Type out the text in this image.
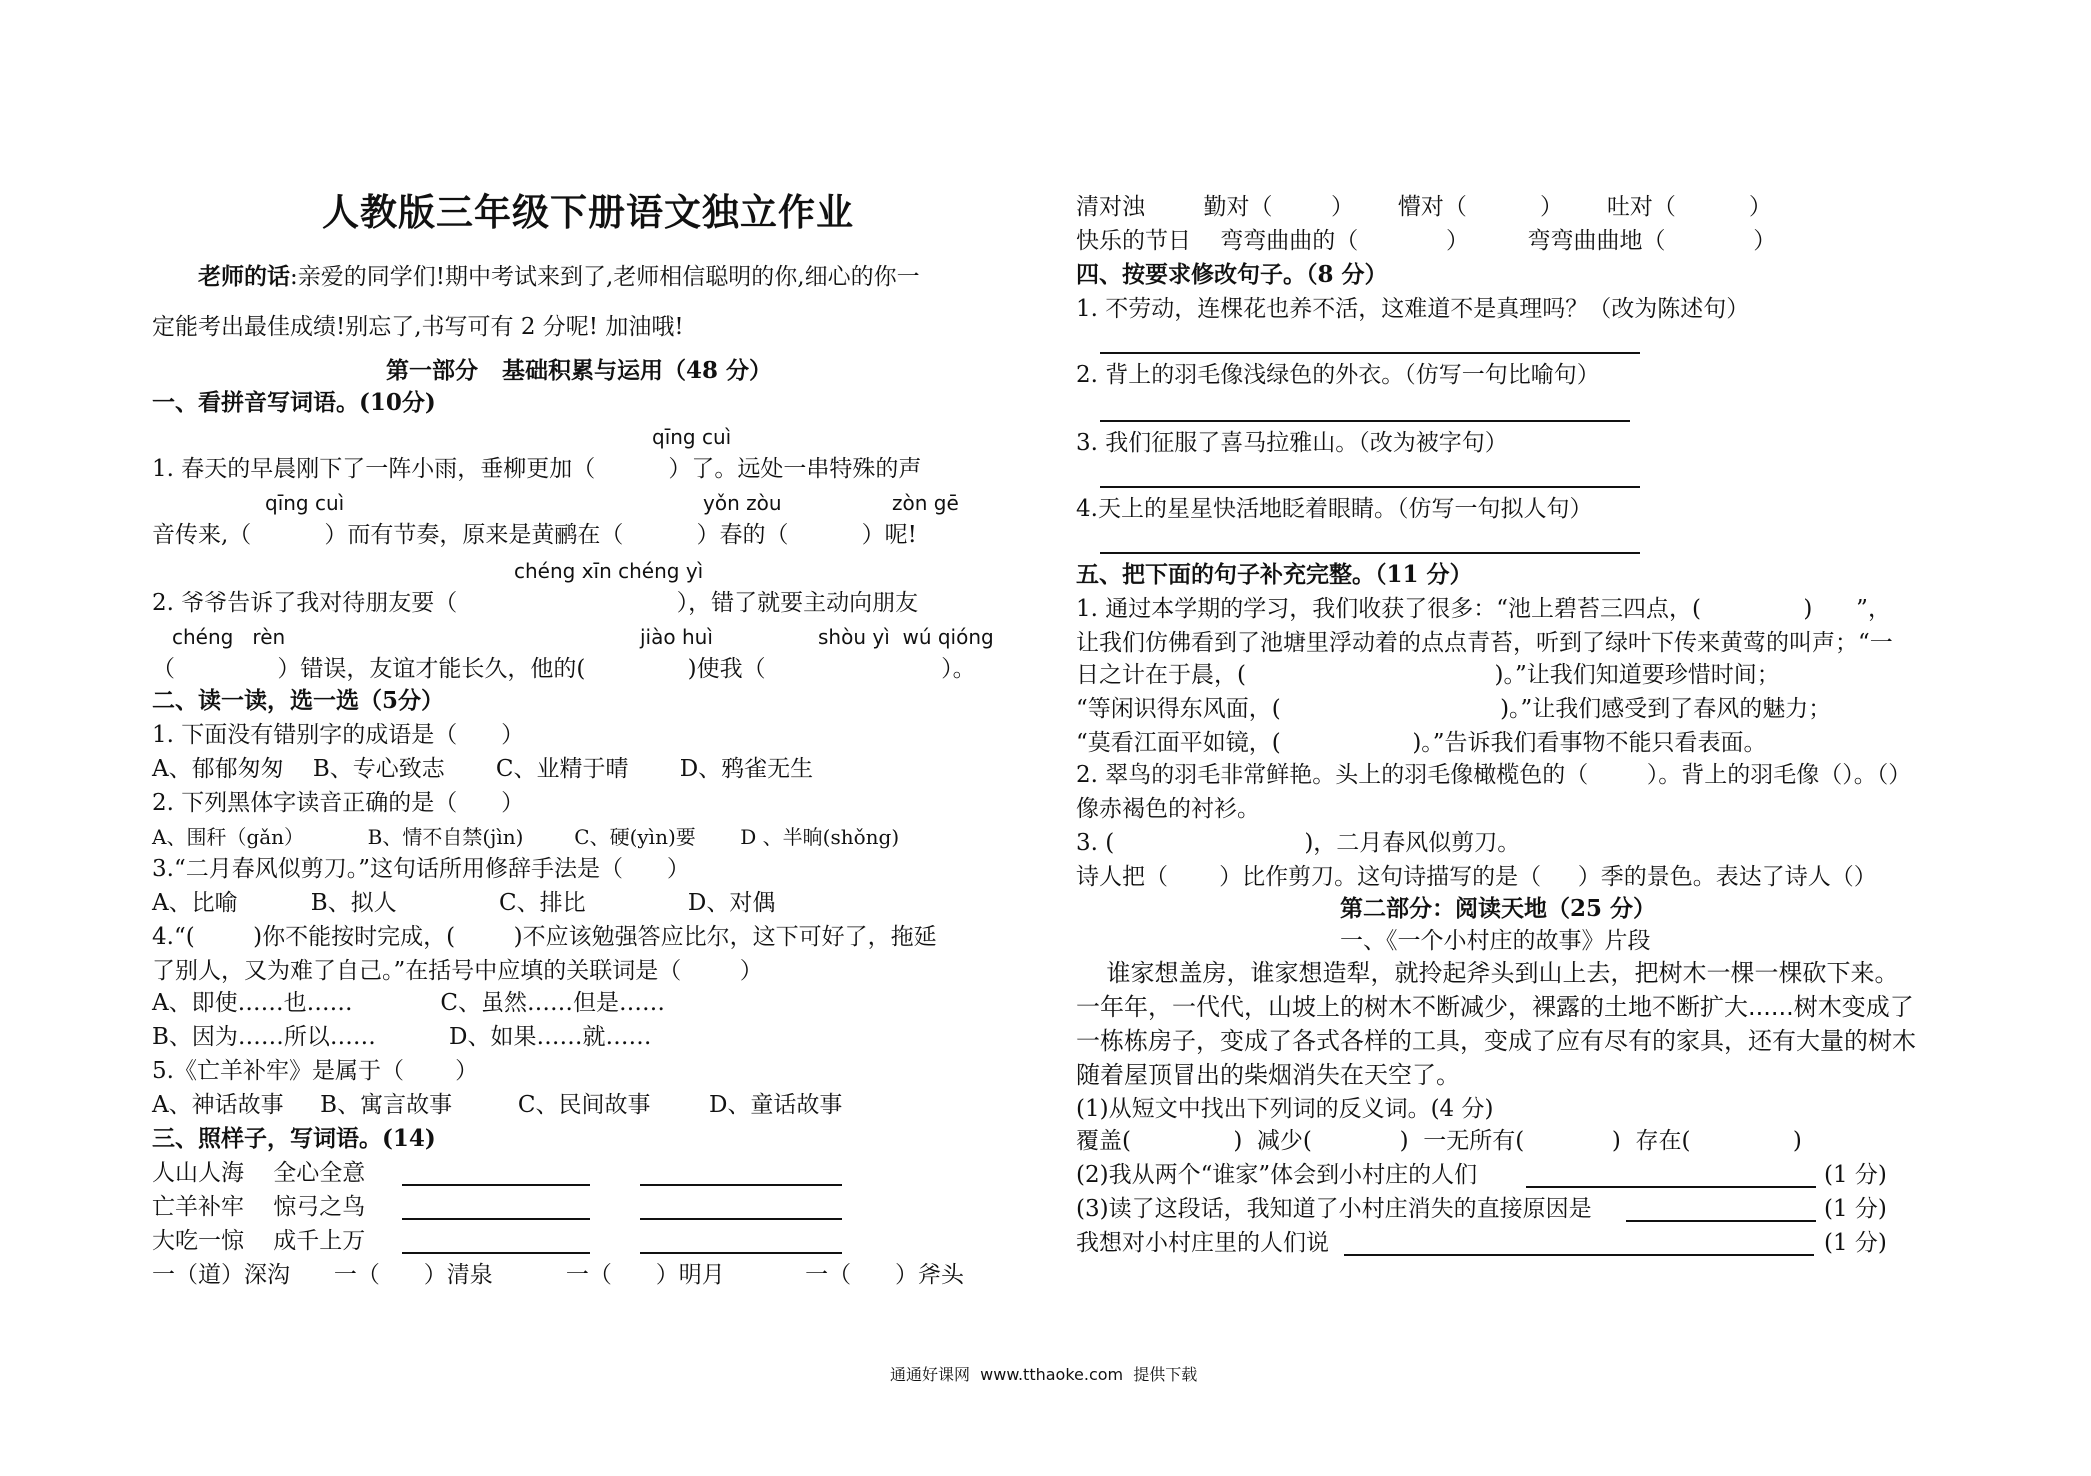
人教版三年级下册语文独立作业
老师的话:亲爱的同学们!期中考试来到了,老师相信聪明的你,细心的你一
定能考出最佳成绩!别忘了,书写可有 2 分呢! 加油哦!
第一部分   基础积累与运用（48 分）
一、看拼音写词语。(10分)
qīng cuì
1. 春天的早晨刚下了一阵小雨，垂柳更加（          ）了。远处一串特殊的声
qīng cuì	yǒn zòu	zòn gē
音传来,（          ）而有节奏，原来是黄鹂在（          ）春的（          ）呢!
chéng xīn chéng yì
2. 爷爷告诉了我对待朋友要（                              ），错了就要主动向朋友
chéng   rèn	jiào huì	shòu yì  wú qióng
（              ）错误，友谊才能长久，他的(              )使我（                        ）。
二、读一读，选一选（5分）
1. 下面没有错别字的成语是（      ）
A、郁郁匆匆    B、专心致志       C、业精于晴       D、鸦雀无生
2. 下列黑体字读音正确的是（      ）
A、围秆（gǎn）          B、情不自禁(jìn)        C、硬(yìn)要       D 、半晌(shǒng)
3.“二月春风似剪刀。”这句话所用修辞手法是（      ）
A、比喻          B、拟人              C、排比              D、对偶
4.“(        )你不能按时完成，(        )不应该勉强答应比尔，这下可好了，拖延
了别人，又为难了自己。”在括号中应填的关联词是（        ）
A、即使……也……            C、虽然……但是……
B、因为……所以……          D、如果……就……
5.《亡羊补牢》是属于（       ）
A、神话故事     B、寓言故事         C、民间故事        D、童话故事
三、照样子，写词语。(14)
人山人海    全心全意
亡羊补牢    惊弓之鸟
大吃一惊    成千上万
一（道）深沟      一（      ）清泉          一（      ）明月           一（      ）斧头
清对浊        勤对（        ）      懵对（          ）      吐对（          ）
快乐的节日    弯弯曲曲的（            ）        弯弯曲曲地（            ）
四、按要求修改句子。（8 分）
1. 不劳动，连棵花也养不活，这难道不是真理吗？（改为陈述句）
2. 背上的羽毛像浅绿色的外衣。（仿写一句比喻句）
3. 我们征服了喜马拉雅山。（改为被字句）
4.天上的星星快活地眨着眼睛。（仿写一句拟人句）
五、把下面的句子补充完整。（11 分）
1. 通过本学期的学习，我们收获了很多：“池上碧苔三四点，(              )      ”，
让我们仿佛看到了池塘里浮动着的点点青苔，听到了绿叶下传来黄莺的叫声；“一
日之计在于晨，(                                  )。”让我们知道要珍惜时间；
“等闲识得东风面，(                              )。”让我们感受到了春风的魅力；
“莫看江面平如镜，(                  )。”告诉我们看事物不能只看表面。
2. 翠鸟的羽毛非常鲜艳。头上的羽毛像橄榄色的（        ）。背上的羽毛像（）。（）
像赤褐色的衬衫。
3. (                          )，二月春风似剪刀。
诗人把（       ）比作剪刀。这句诗描写的是（     ）季的景色。表达了诗人（）
第二部分：阅读天地（25 分）
一、《一个小村庄的故事》片段
谁家想盖房，谁家想造犁，就拎起斧头到山上去，把树木一棵一棵砍下来。
一年年，一代代，山坡上的树木不断减少，裸露的土地不断扩大......树木变成了
一栋栋房子，变成了各式各样的工具，变成了应有尽有的家具，还有大量的树木
随着屋顶冒出的柴烟消失在天空了。
(1)从短文中找出下列词的反义词。(4 分)
覆盖(              )  减少(            )  一无所有(            )  存在(              )
(2)我从两个“谁家”体会到小村庄的人们	(1 分)
(3)读了这段话，我知道了小村庄消失的直接原因是	(1 分)
我想对小村庄里的人们说	(1 分)
通通好课网  www.tthaoke.com  提供下载
